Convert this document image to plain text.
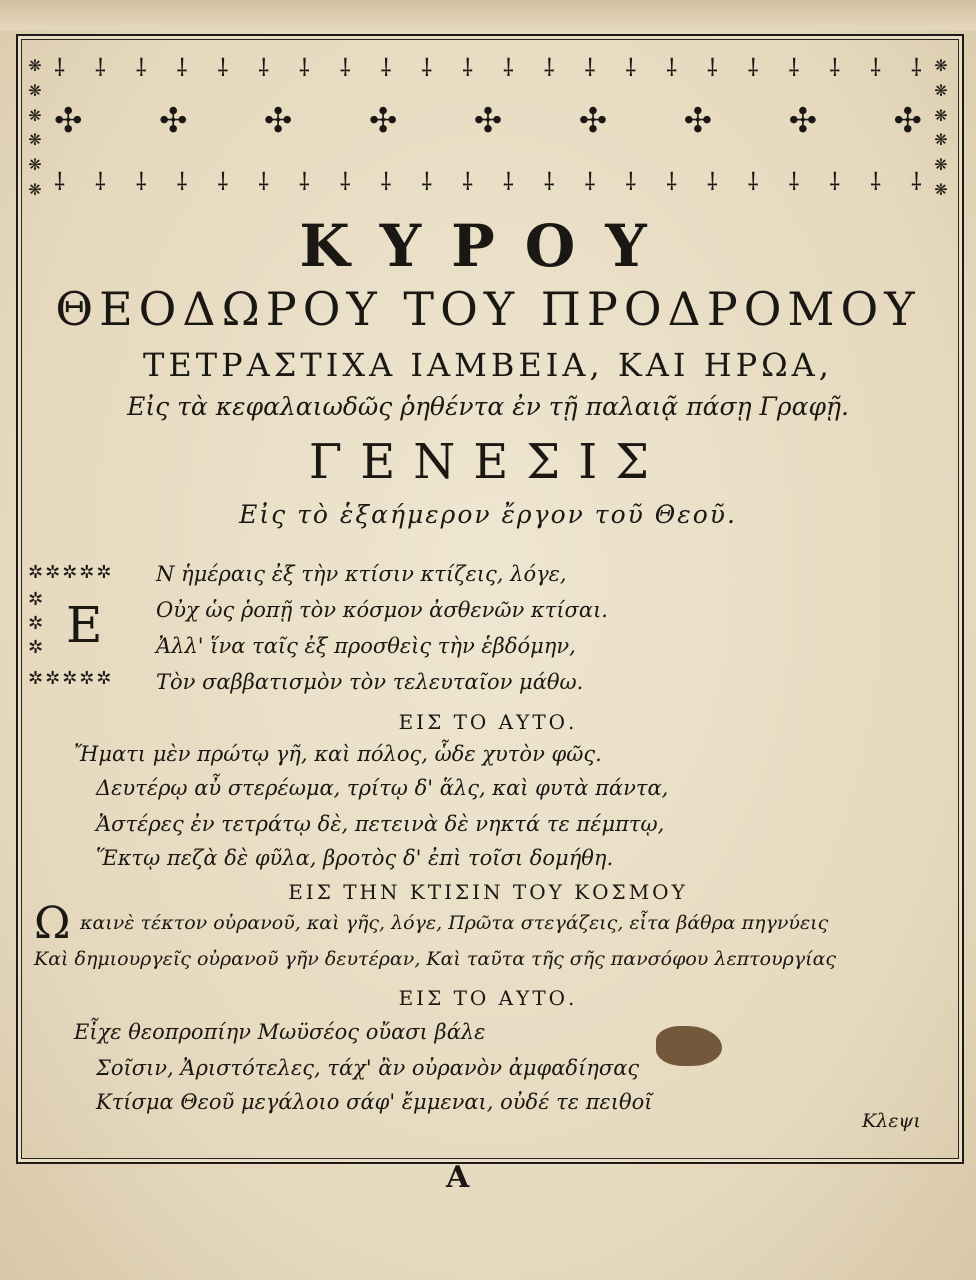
❋
❋
❋
❋
❋
❋
❋
❋
❋
❋
❋
❋
⸸ ⸸ ⸸ ⸸ ⸸ ⸸ ⸸ ⸸ ⸸ ⸸ ⸸ ⸸ ⸸ ⸸ ⸸ ⸸ ⸸ ⸸ ⸸ ⸸ ⸸ ⸸
✣ ✣ ✣ ✣ ✣ ✣ ✣ ✣ ✣
⸸ ⸸ ⸸ ⸸ ⸸ ⸸ ⸸ ⸸ ⸸ ⸸ ⸸ ⸸ ⸸ ⸸ ⸸ ⸸ ⸸ ⸸ ⸸ ⸸ ⸸ ⸸
ΚΥΡΟΥ
ΘΕΟΔΩΡΟΥ ΤΟΥ ΠΡΟΔΡΟΜΟΥ
ΤΕΤΡΑΣΤΙΧΑ ΙΑΜΒΕΙΑ, ΚΑΙ ΗΡΩΑ,
Εἰς τὰ κεφαλαιωδῶς ῥηθέντα ἐν τῇ παλαιᾷ πάσῃ Γραφῇ.
ΓΕΝΕΣΙΣ
Εἰς τὸ ἑξαήμερον ἔργον τοῦ Θεοῦ.
✲✲✲✲✲
✲
✲
✲
✲✲✲✲✲
Ε
Ν ἡμέραις ἐξ τὴν κτίσιν κτίζεις, λόγε,
Οὐχ ὡς ῥοπῇ τὸν κόσμον ἀσθενῶν κτίσαι.
Ἀλλ' ἵνα ταῖς ἐξ προσθεὶς τὴν ἑβδόμην,
Τὸν σαββατισμὸν τὸν τελευταῖον μάθω.
ΕΙΣ ΤΟ ΑΥΤΟ.
Ἤματι μὲν πρώτῳ γῆ, καὶ πόλος, ὧδε χυτὸν φῶς.
Δευτέρῳ αὖ στερέωμα, τρίτῳ δ' ἅλς, καὶ φυτὰ πάντα,
Ἀστέρες ἐν τετράτῳ δὲ, πετεινὰ δὲ νηκτά τε πέμπτῳ,
Ἕκτῳ πεζὰ δὲ φῦλα, βροτὸς δ' ἐπὶ τοῖσι δομήθη.
ΕΙΣ ΤΗΝ ΚΤΙΣΙΝ ΤΟΥ ΚΟΣΜΟΥ
Ω καινὲ τέκτον οὐρανοῦ, καὶ γῆς, λόγε, Πρῶτα στεγάζεις, εἶτα βάθρα πηγνύεις
Καὶ δημιουργεῖς οὐρανοῦ γῆν δευτέραν, Καὶ ταῦτα τῆς σῆς πανσόφου λεπτουργίας
ΕΙΣ ΤΟ ΑΥΤΟ.
Εἶχε θεοπροπίην Μωϋσέος οὔασι βάλε
Σοῖσιν, Ἀριστότελες, τάχ' ἂν οὐρανὸν ἀμφαδίησας
Κτίσμα Θεοῦ μεγάλοιο σάφ' ἔμμεναι, οὐδέ τε πειθοῖ
Κλεψι
Α
